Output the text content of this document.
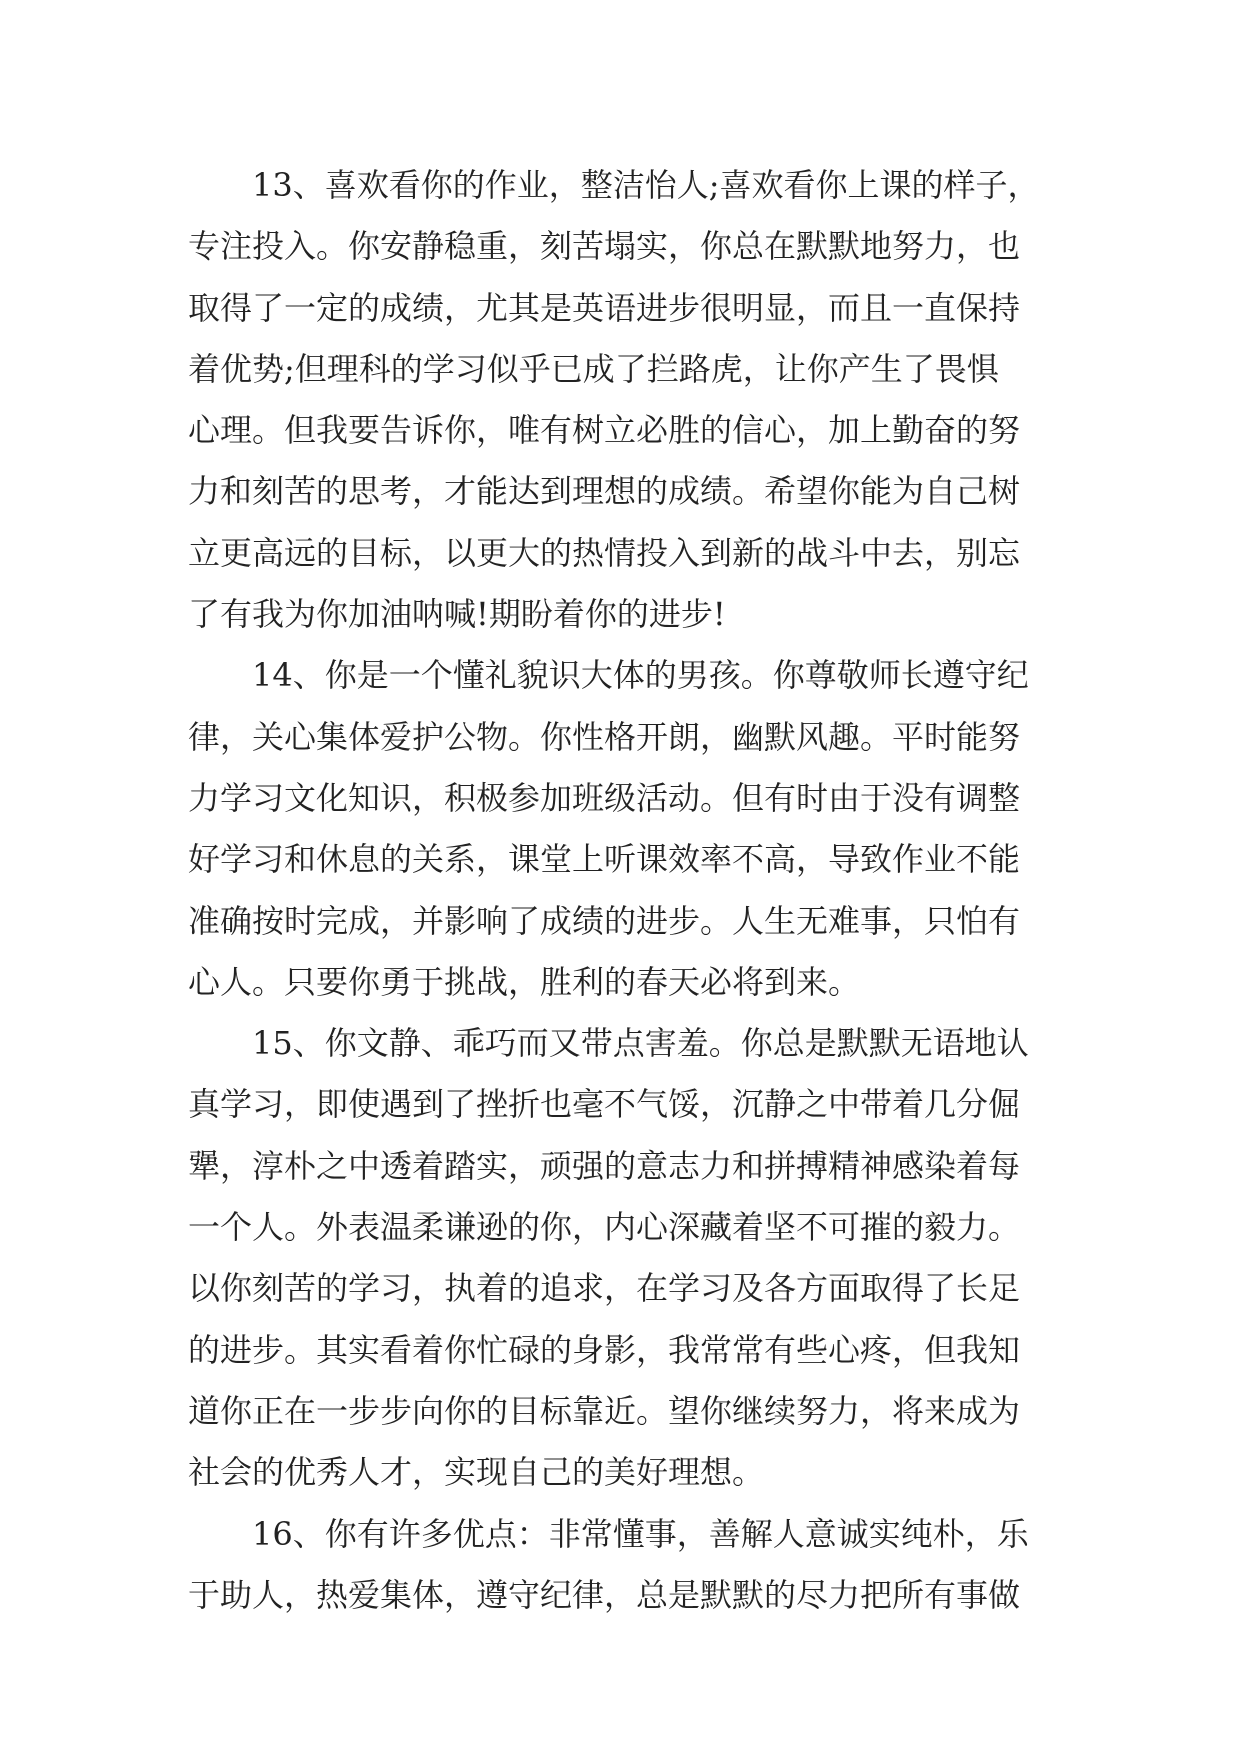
13、喜欢看你的作业，整洁怡人;喜欢看你上课的样子，
专注投入。你安静稳重，刻苦塌实，你总在默默地努力，也
取得了一定的成绩，尤其是英语进步很明显，而且一直保持
着优势;但理科的学习似乎已成了拦路虎，让你产生了畏惧
心理。但我要告诉你，唯有树立必胜的信心，加上勤奋的努
力和刻苦的思考，才能达到理想的成绩。希望你能为自己树
立更高远的目标，以更大的热情投入到新的战斗中去，别忘
了有我为你加油呐喊!期盼着你的进步!
14、你是一个懂礼貌识大体的男孩。你尊敬师长遵守纪
律，关心集体爱护公物。你性格开朗，幽默风趣。平时能努
力学习文化知识，积极参加班级活动。但有时由于没有调整
好学习和休息的关系，课堂上听课效率不高，导致作业不能
准确按时完成，并影响了成绩的进步。人生无难事，只怕有
心人。只要你勇于挑战，胜利的春天必将到来。
15、你文静、乖巧而又带点害羞。你总是默默无语地认
真学习，即使遇到了挫折也毫不气馁，沉静之中带着几分倔
犟，淳朴之中透着踏实，顽强的意志力和拼搏精神感染着每
一个人。外表温柔谦逊的你，内心深藏着坚不可摧的毅力。
以你刻苦的学习，执着的追求，在学习及各方面取得了长足
的进步。其实看着你忙碌的身影，我常常有些心疼，但我知
道你正在一步步向你的目标靠近。望你继续努力，将来成为
社会的优秀人才，实现自己的美好理想。
16、你有许多优点：非常懂事，善解人意诚实纯朴，乐
于助人，热爱集体，遵守纪律，总是默默的尽力把所有事做
